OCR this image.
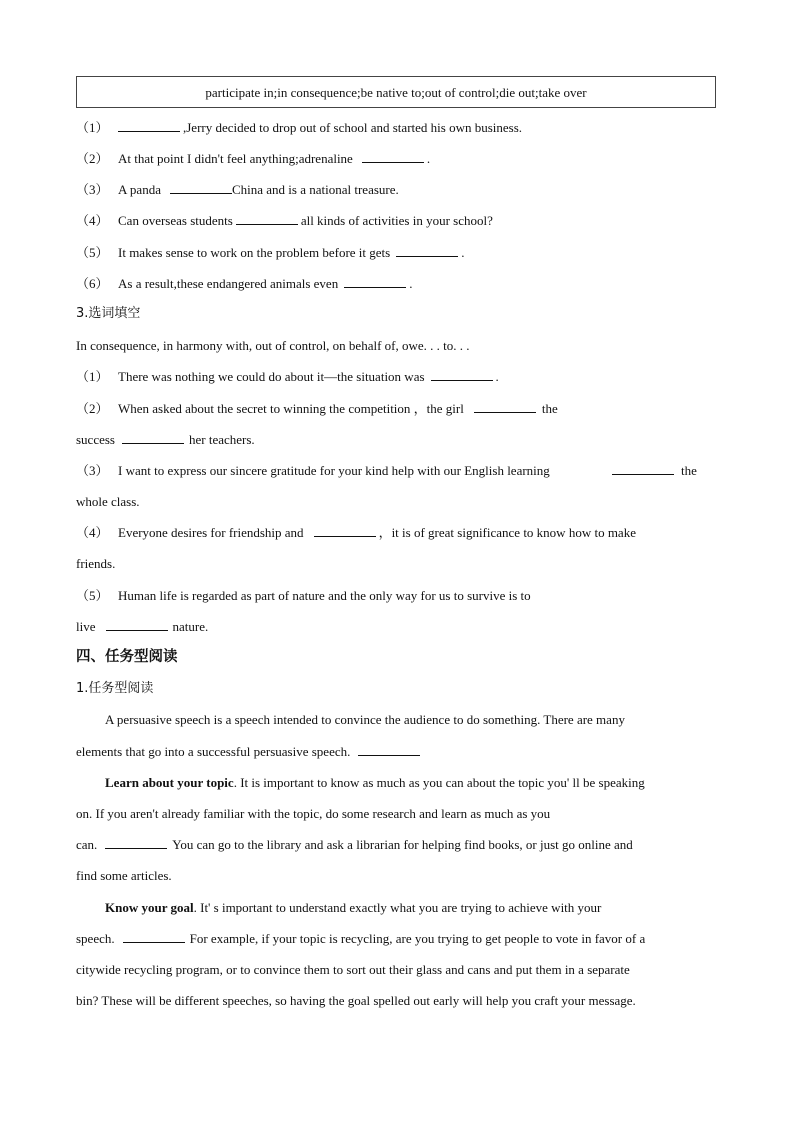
participate in;in consequence;be native to;out of control;die out;take over
（1）	,Jerry decided to drop out of school and started his own business.
（2） At that point I didn't feel anything;adrenaline	.
（3） A panda	China and is a national treasure.
（4） Can overseas students	all kinds of activities in your school?
（5） It makes sense to work on the problem before it gets	.
（6） As a result,these endangered animals even	.
3.选词填空
In consequence, in harmony with, out of control, on behalf of, owe. . . to. . .
（1） There was nothing we could do about it—the situation was	.
（2） When asked about the secret to winning the competition ，the girl	the
success	her teachers.
（3） I want to express our sincere gratitude for your kind help with our English learning	the
whole class.
（4） Everyone desires for friendship and	，it is of great significance to know how to make
friends.
（5） Human life is regarded as part of nature and the only way for us to survive is to
live	nature.
四、任务型阅读
1.任务型阅读
A persuasive speech is a speech intended to convince the audience to do something. There are many
elements that go into a successful persuasive speech.
Learn about your topic. It is important to know as much as you can about the topic you' ll be speaking
on. If you aren't already familiar with the topic, do some research and learn as much as you
can.	You can go to the library and ask a librarian for helping find books, or just go online and
find some articles.
Know your goal. It' s important to understand exactly what you are trying to achieve with your
speech.	For example, if your topic is recycling, are you trying to get people to vote in favor of a
citywide recycling program, or to convince them to sort out their glass and cans and put them in a separate
bin? These will be different speeches, so having the goal spelled out early will help you craft your message.
